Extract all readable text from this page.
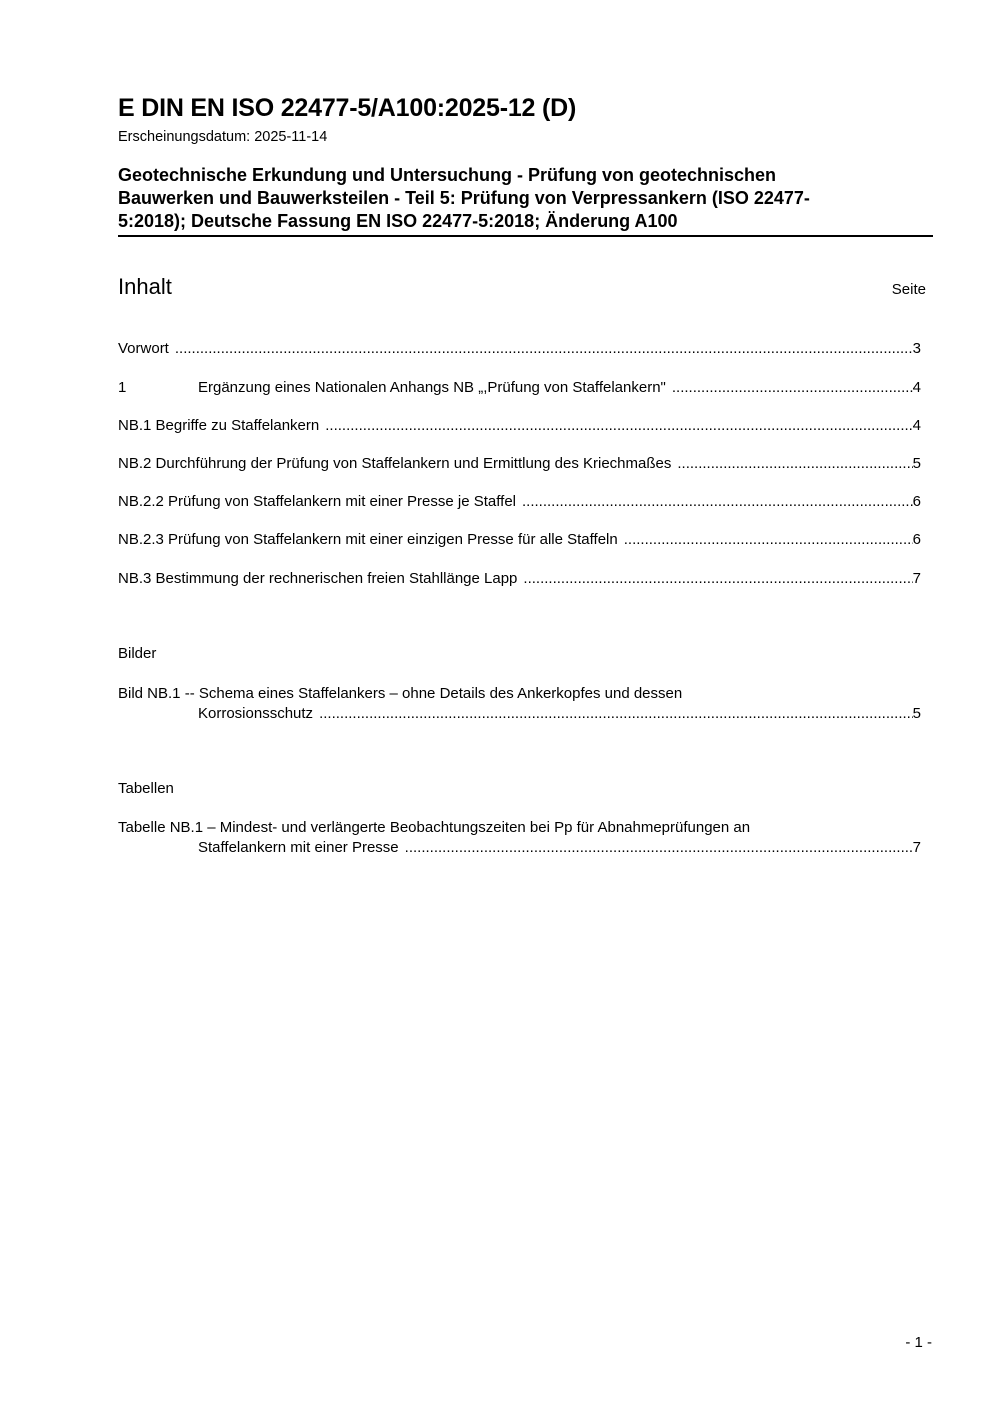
E DIN EN ISO 22477-5/A100:2025-12 (D)
Erscheinungsdatum: 2025-11-14
Geotechnische Erkundung und Untersuchung - Prüfung von geotechnischen
Bauwerken und Bauwerksteilen - Teil 5: Prüfung von Verpressankern (ISO 22477-
5:2018); Deutsche Fassung EN ISO 22477-5:2018; Änderung A100
Inhalt	Seite
Vorwort .....	3
1	Ergänzung eines Nationalen Anhangs NB „,Prüfung von Staffelankern" .....	4
NB.1 Begriffe zu Staffelankern .....	4
NB.2 Durchführung der Prüfung von Staffelankern und Ermittlung des Kriechmaßes .....	5
NB.2.2 Prüfung von Staffelankern mit einer Presse je Staffel .....	6
NB.2.3 Prüfung von Staffelankern mit einer einzigen Presse für alle Staffeln .....	6
NB.3 Bestimmung der rechnerischen freien Stahllänge Lapp .....	7
Bilder
Bild NB.1 -- Schema eines Staffelankers – ohne Details des Ankerkopfes und dessen
Korrosionsschutz .....	5
Tabellen
Tabelle NB.1 – Mindest- und verlängerte Beobachtungszeiten bei Pp für Abnahmeprüfungen an
Staffelankern mit einer Presse .....	7
- 1 -
